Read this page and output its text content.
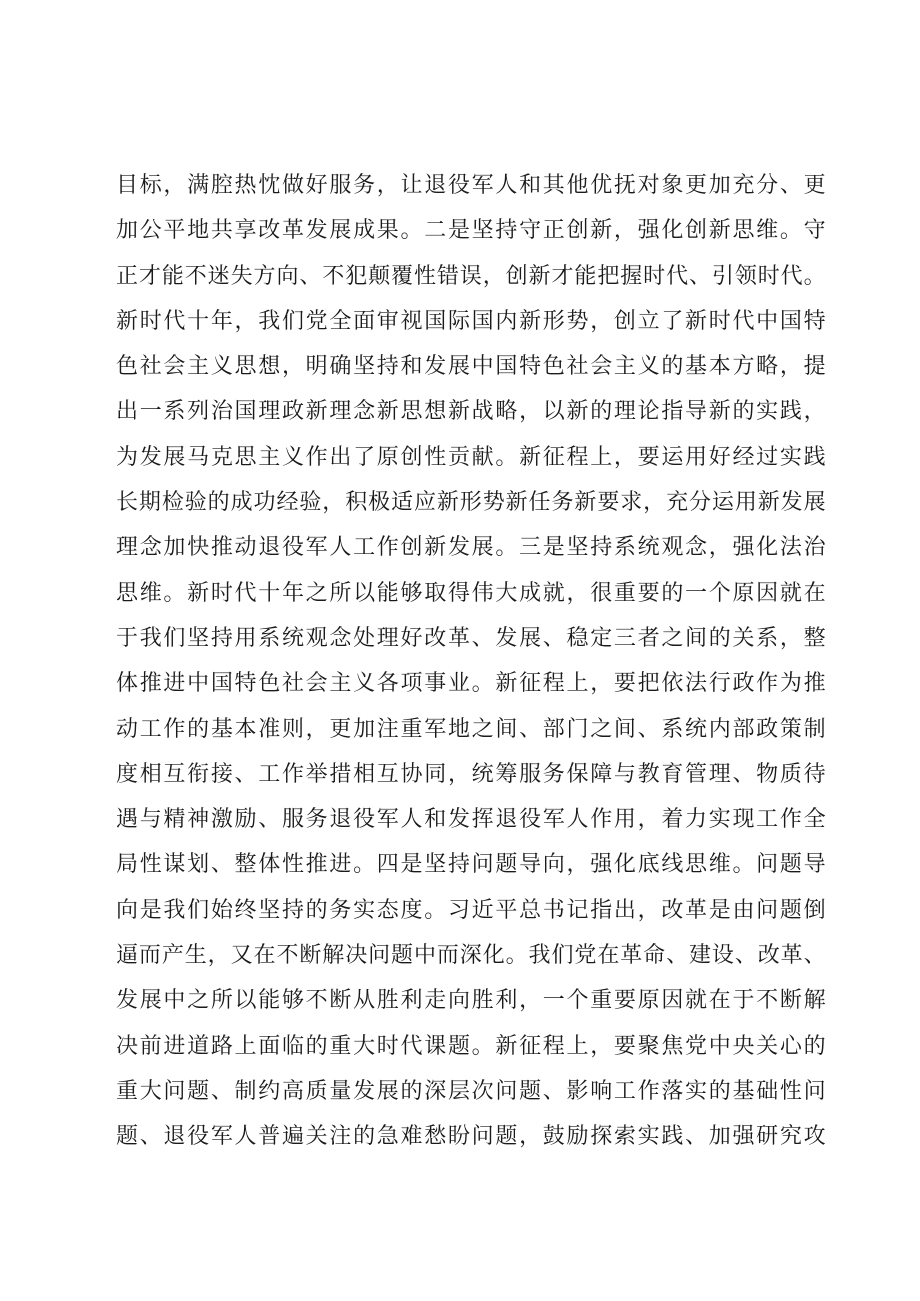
目标，满腔热忱做好服务，让退役军人和其他优抚对象更加充分、更
加公平地共享改革发展成果。二是坚持守正创新，强化创新思维。守
正才能不迷失方向、不犯颠覆性错误，创新才能把握时代、引领时代。
新时代十年，我们党全面审视国际国内新形势，创立了新时代中国特
色社会主义思想，明确坚持和发展中国特色社会主义的基本方略，提
出一系列治国理政新理念新思想新战略，以新的理论指导新的实践，
为发展马克思主义作出了原创性贡献。新征程上，要运用好经过实践
长期检验的成功经验，积极适应新形势新任务新要求，充分运用新发展
理念加快推动退役军人工作创新发展。三是坚持系统观念，强化法治
思维。新时代十年之所以能够取得伟大成就，很重要的一个原因就在
于我们坚持用系统观念处理好改革、发展、稳定三者之间的关系，整
体推进中国特色社会主义各项事业。新征程上，要把依法行政作为推
动工作的基本准则，更加注重军地之间、部门之间、系统内部政策制
度相互衔接、工作举措相互协同，统筹服务保障与教育管理、物质待
遇与精神激励、服务退役军人和发挥退役军人作用，着力实现工作全
局性谋划、整体性推进。四是坚持问题导向，强化底线思维。问题导
向是我们始终坚持的务实态度。习近平总书记指出，改革是由问题倒
逼而产生，又在不断解决问题中而深化。我们党在革命、建设、改革、
发展中之所以能够不断从胜利走向胜利，一个重要原因就在于不断解
决前进道路上面临的重大时代课题。新征程上，要聚焦党中央关心的
重大问题、制约高质量发展的深层次问题、影响工作落实的基础性问
题、退役军人普遍关注的急难愁盼问题，鼓励探索实践、加强研究攻
